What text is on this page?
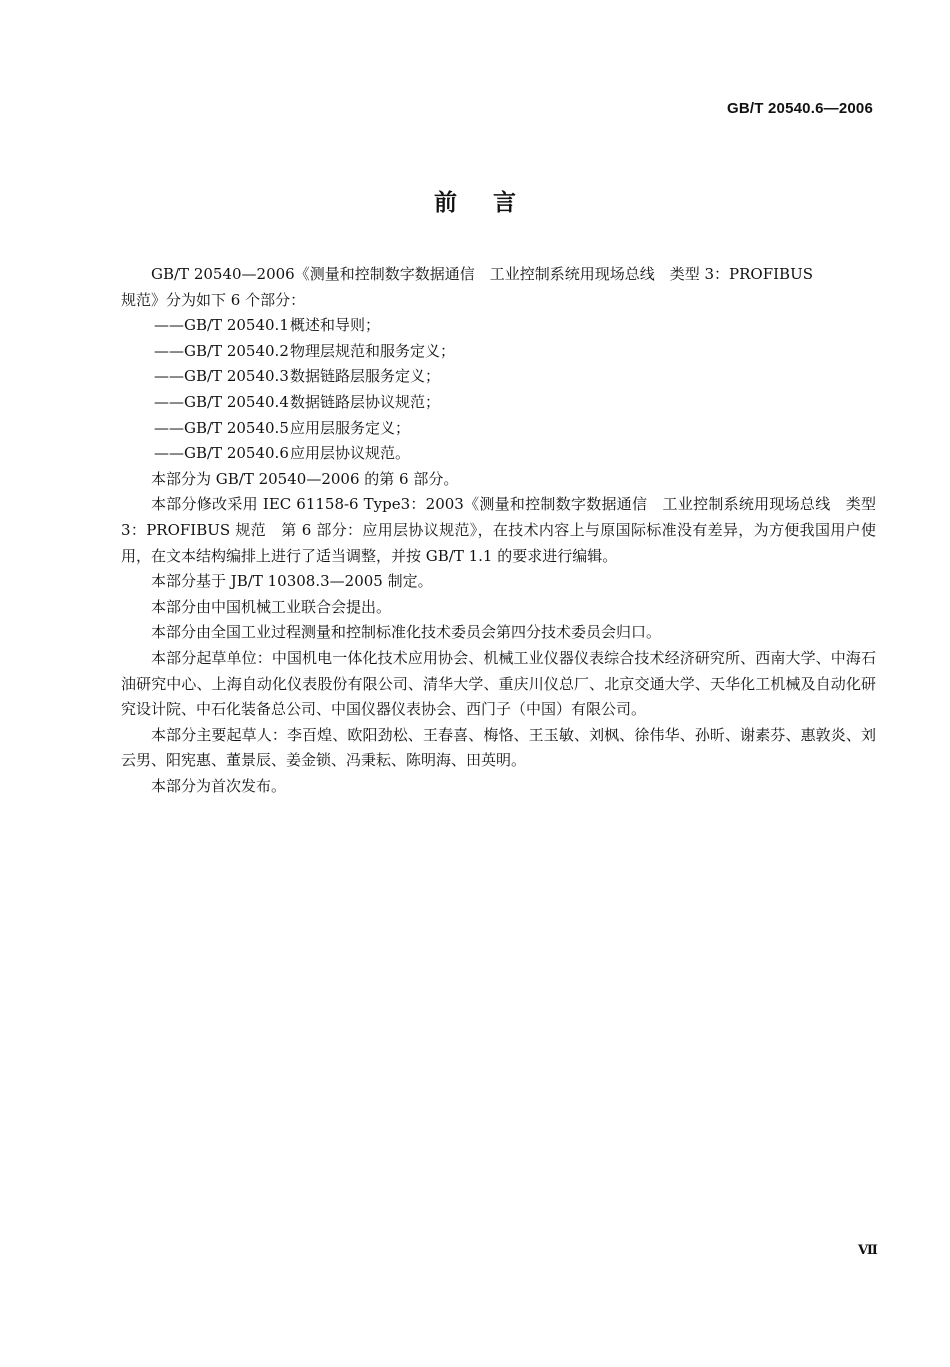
GB/T 20540.6—2006
前言

GB/T 20540—2006《测量和控制数字数据通信　工业控制系统用现场总线　类型 3：PROFIBUS

规范》分为如下 6 个部分：

——GB/T 20540.1概述和导则；

——GB/T 20540.2物理层规范和服务定义；

——GB/T 20540.3数据链路层服务定义；

——GB/T 20540.4数据链路层协议规范；

——GB/T 20540.5应用层服务定义；

——GB/T 20540.6应用层协议规范。

本部分为 GB/T 20540—2006 的第 6 部分。

本部分修改采用 IEC 61158-6 Type3：2003《测量和控制数字数据通信　工业控制系统用现场总线　类型 3：PROFIBUS 规范　第 6 部分：应用层协议规范》，在技术内容上与原国际标准没有差异，为方便我国用户使用，在文本结构编排上进行了适当调整，并按 GB/T 1.1 的要求进行编辑。

本部分基于 JB/T 10308.3—2005 制定。

本部分由中国机械工业联合会提出。

本部分由全国工业过程测量和控制标准化技术委员会第四分技术委员会归口。

本部分起草单位：中国机电一体化技术应用协会、机械工业仪器仪表综合技术经济研究所、西南大学、中海石油研究中心、上海自动化仪表股份有限公司、清华大学、重庆川仪总厂、北京交通大学、天华化工机械及自动化研究设计院、中石化装备总公司、中国仪器仪表协会、西门子（中国）有限公司。

本部分主要起草人：李百煌、欧阳劲松、王春喜、梅恪、王玉敏、刘枫、徐伟华、孙昕、谢素芬、惠敦炎、刘云男、阳宪惠、董景辰、姜金锁、冯秉耘、陈明海、田英明。

本部分为首次发布。

Ⅶ
